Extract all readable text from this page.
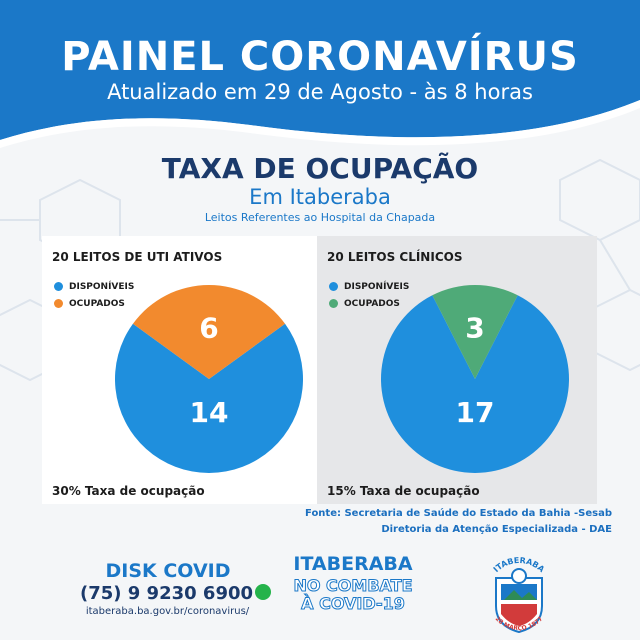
PAINEL CORONAVÍRUS
Atualizado em 29 de Agosto - às 8 horas
TAXA DE OCUPAÇÃO
Em Itaberaba
Leitos Referentes ao Hospital da Chapada
20 LEITOS DE UTI ATIVOS
DISPONÍVEIS
OCUPADOS
14
6
30% Taxa de ocupação
20 LEITOS CLÍNICOS
DISPONÍVEIS
OCUPADOS
17
3
15% Taxa de ocupação
Fonte: Secretaria de Saúde do Estado da Bahia -Sesab
Diretoria da Atenção Especializada - DAE
DISK COVID
(75) 9 9230 6900
itaberaba.ba.gov.br/coronavirus/
ITABERABA
NO COMBATE
À COVID-19
ITABERABA
28 MARÇO 1877
